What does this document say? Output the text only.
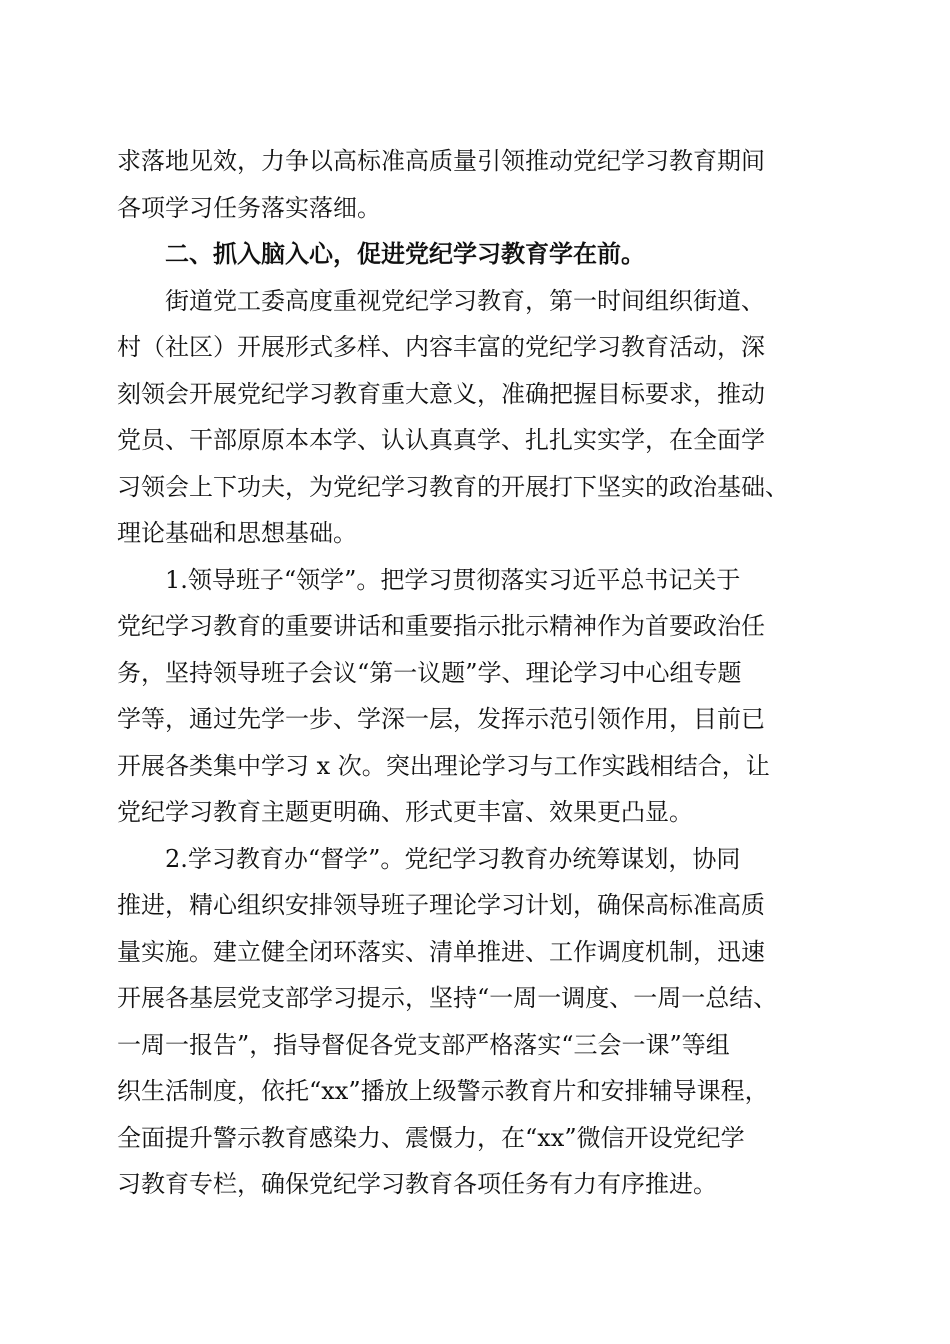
求落地见效，力争以高标准高质量引领推动党纪学习教育期间
各项学习任务落实落细。

二、抓入脑入心，促进党纪学习教育学在前。

街道党工委高度重视党纪学习教育，第一时间组织街道、
村（社区）开展形式多样、内容丰富的党纪学习教育活动，深
刻领会开展党纪学习教育重大意义，准确把握目标要求，推动
党员、干部原原本本学、认认真真学、扎扎实实学，在全面学
习领会上下功夫，为党纪学习教育的开展打下坚实的政治基础、
理论基础和思想基础。

1.领导班子“领学”。把学习贯彻落实习近平总书记关于
党纪学习教育的重要讲话和重要指示批示精神作为首要政治任
务，坚持领导班子会议“第一议题”学、理论学习中心组专题
学等，通过先学一步、学深一层，发挥示范引领作用，目前已
开展各类集中学习 x 次。突出理论学习与工作实践相结合，让
党纪学习教育主题更明确、形式更丰富、效果更凸显。

2.学习教育办“督学”。党纪学习教育办统筹谋划，协同
推进，精心组织安排领导班子理论学习计划，确保高标准高质
量实施。建立健全闭环落实、清单推进、工作调度机制，迅速
开展各基层党支部学习提示，坚持“一周一调度、一周一总结、
一周一报告”，指导督促各党支部严格落实“三会一课”等组
织生活制度，依托“xx”播放上级警示教育片和安排辅导课程，
全面提升警示教育感染力、震慑力，在“xx”微信开设党纪学
习教育专栏，确保党纪学习教育各项任务有力有序推进。
